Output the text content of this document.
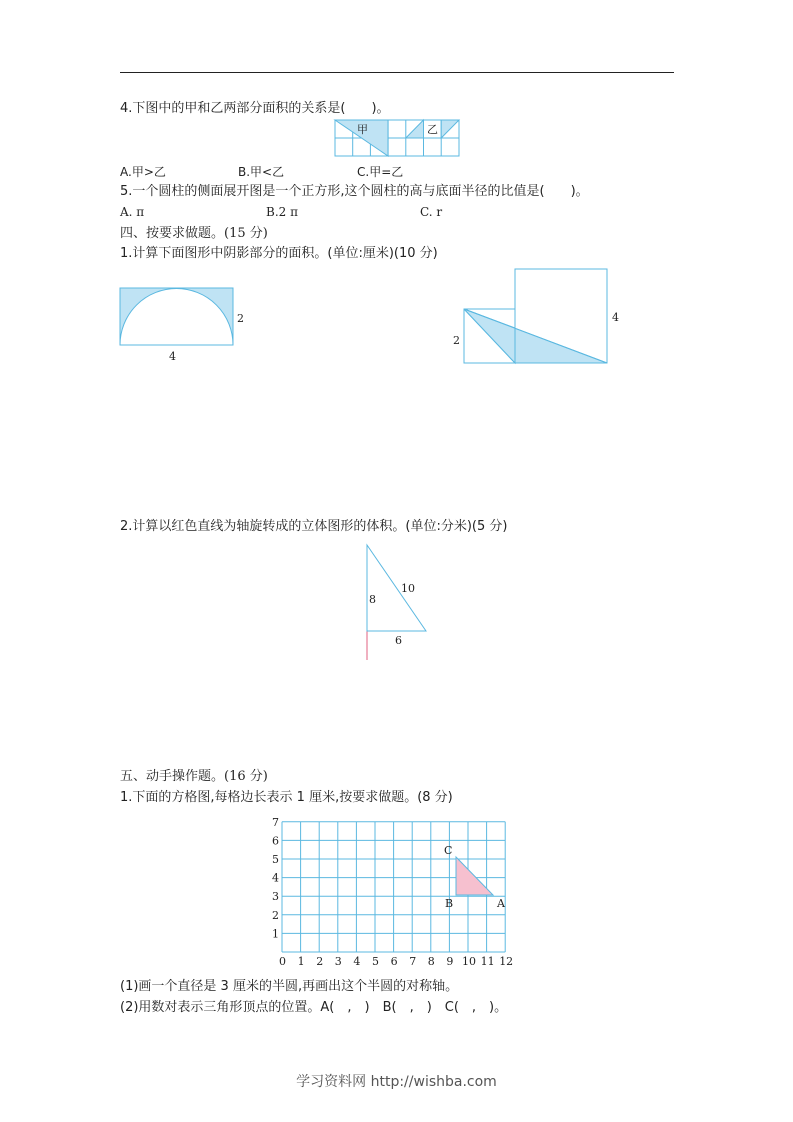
4.下图中的甲和乙两部分面积的关系是(　　)。
甲	乙
A.甲>乙	B.甲<乙	C.甲=乙
5.一个圆柱的侧面展开图是一个正方形,这个圆柱的高与底面半径的比值是(　　)。
A. π	B.2 π	C. r
四、按要求做题。(15 分)
1.计算下面图形中阴影部分的面积。(单位:厘米)(10 分)
2
4
2
4
2.计算以红色直线为轴旋转成的立体图形的体积。(单位:分米)(5 分)
8
10
6
五、动手操作题。(16 分)
1.下面的方格图,每格边长表示 1 厘米,按要求做题。(8 分)
C
B	A
7
6
5
4
3
2
1
0 1 2 3 4 5 6 7 8 9 10 11 12
(1)画一个直径是 3 厘米的半圆,再画出这个半圆的对称轴。
(2)用数对表示三角形顶点的位置。A(　,　)　B(　,　)　C(　,　)。
学习资料网 http://wishba.com
